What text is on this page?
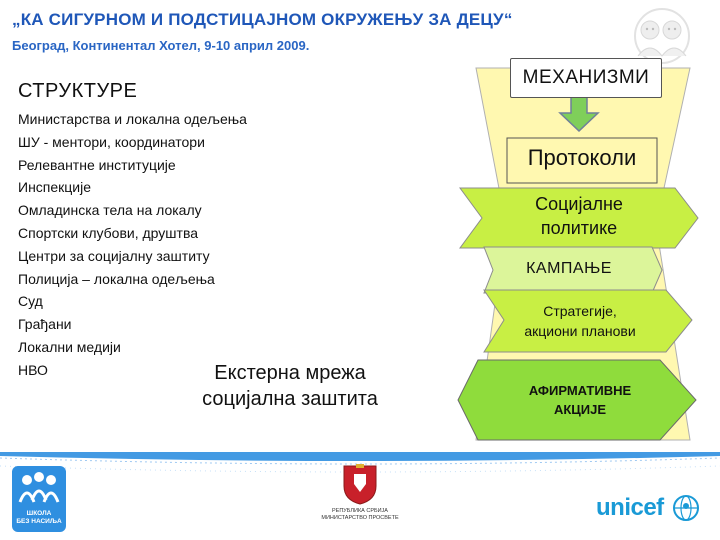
„КА СИГУРНОМ И ПОДСТИЦАЈНОМ ОКРУЖЕЊУ ЗА ДЕЦУ“
Београд, Континентал Хотел, 9-10 април 2009.
СТРУКТУРЕ
Министарства и локална одељења
ШУ - ментори, координатори
Релевантне институције
Инспекције
Омладинска тела на локалу
Спортски клубови, друштва
Центри за социјалну заштиту
Полиција – локална одељења
Суд
Грађани
Локални медији
НВО	Екстерна мрежа
социјална заштита
МЕХАНИЗМИ
Протоколи
Социјалне
политике
КАМПАЊЕ
Стратегије,
акциони планови
АФИРМАТИВНЕ
АКЦИЈЕ
ШКОЛА
БЕЗ НАСИЉА
РЕПУБЛИКА СРБИЈА
МИНИСТАРСТВО ПРОСВЕТЕ	unicef
